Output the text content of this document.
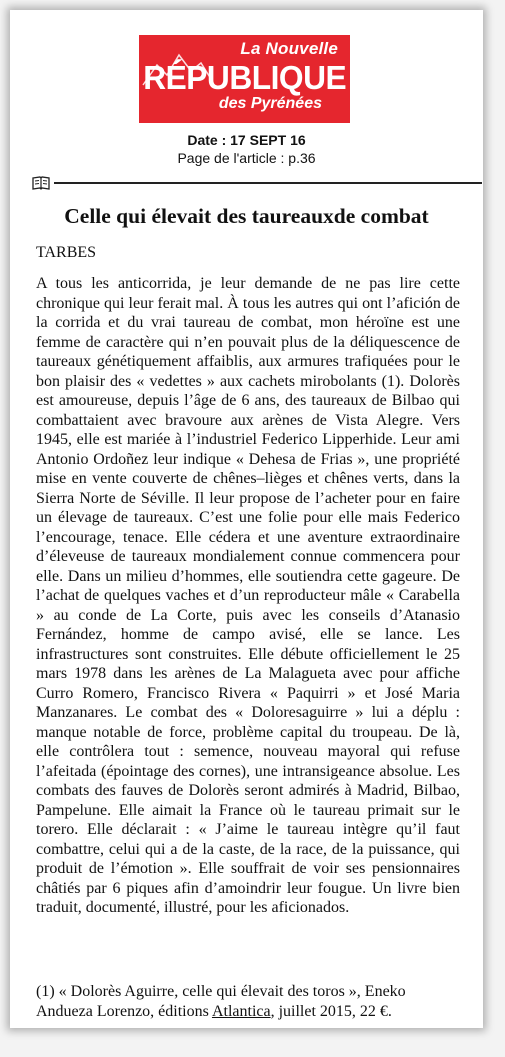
La Nouvelle
RÉPUBLIQUE
des Pyrénées
Date : 17 SEPT 16
Page de l'article : p.36
Celle qui élevait des taureauxde combat
TARBES
A tous les anticorrida, je leur demande de ne pas lire cette chronique qui leur ferait mal. À tous les autres qui ont l’afición de la corrida et du vrai taureau de combat, mon héroïne est une femme de caractère qui n’en pouvait plus de la déliquescence de taureaux génétiquement affaiblis, aux armures trafiquées pour le bon plaisir des « vedettes » aux cachets mirobolants (1). Dolorès est amoureuse, depuis l’âge de 6 ans, des taureaux de Bilbao qui combattaient avec bravoure aux arènes de Vista Alegre. Vers 1945, elle est mariée à l’industriel Federico Lipperhide. Leur ami Antonio Ordoñez leur indique « Dehesa de Frias », une propriété mise en vente couverte de chênes–lièges et chênes verts, dans la Sierra Norte de Séville. Il leur propose de l’acheter pour en faire un élevage de taureaux. C’est une folie pour elle mais Federico l’encourage, tenace. Elle cédera et une aventure extraordinaire d’éleveuse de taureaux mondialement connue commencera pour elle. Dans un milieu d’hommes, elle soutiendra cette gageure. De l’achat de quelques vaches et d’un reproducteur mâle « Carabella » au conde de La Corte, puis avec les conseils d’Atanasio Fernández, homme de campo avisé, elle se lance. Les infrastructures sont construites. Elle débute officiellement le 25 mars 1978 dans les arènes de La Malagueta avec pour affiche Curro Romero, Francisco Rivera « Paquirri » et José Maria Manzanares. Le combat des « Doloresaguirre » lui a déplu : manque notable de force, problème capital du troupeau. De là, elle contrôlera tout : semence, nouveau mayoral qui refuse l’afeitada (épointage des cornes), une intransigeance absolue. Les combats des fauves de Dolorès seront admirés à Madrid, Bilbao, Pampelune. Elle aimait la France où le taureau primait sur le torero. Elle déclarait : « J’aime le taureau intègre qu’il faut combattre, celui qui a de la caste, de la race, de la puissance, qui produit de l’émotion ». Elle souffrait de voir ses pensionnaires châtiés par 6 piques afin d’amoindrir leur fougue. Un livre bien traduit, documenté, illustré, pour les aficionados.
(1) « Dolorès Aguirre, celle qui élevait des toros », Eneko Andueza Lorenzo, éditions Atlantica, juillet 2015, 22 €.
